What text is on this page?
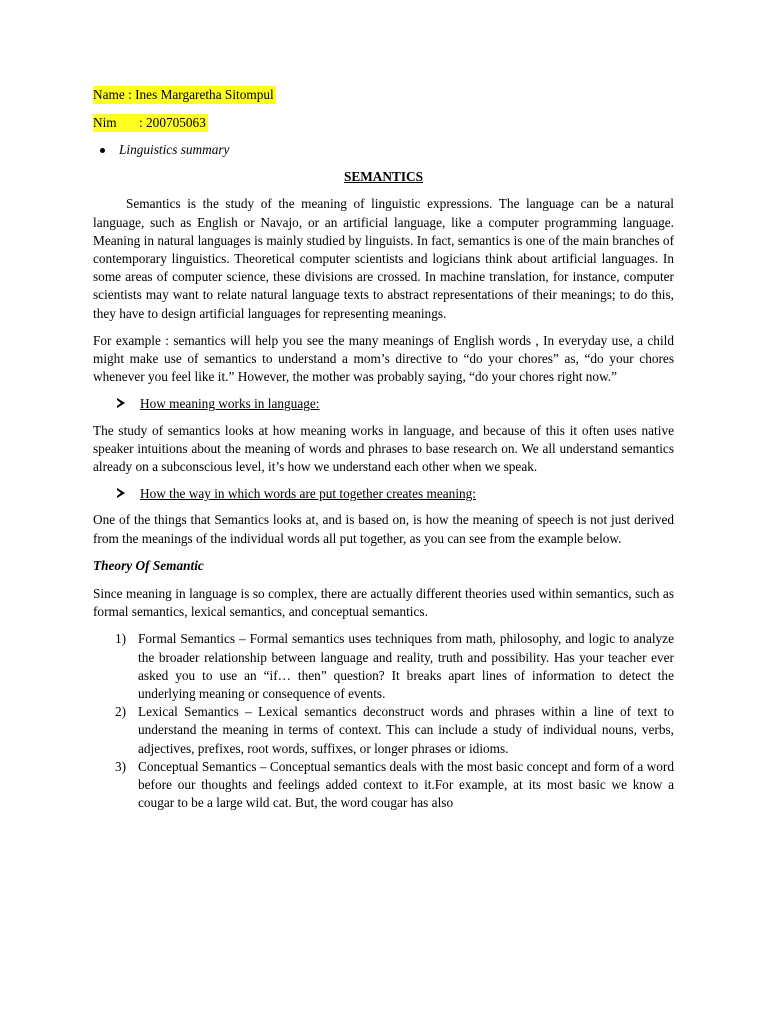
Name : Ines Margaretha Sitompul
Nim : 200705063
Linguistics summary
SEMANTICS

Semantics is the study of the meaning of linguistic expressions. The language can be a natural language, such as English or Navajo, or an artificial language, like a computer programming language. Meaning in natural languages is mainly studied by linguists. In fact, semantics is one of the main branches of contemporary linguistics. Theoretical computer scientists and logicians think about artificial languages. In some areas of computer science, these divisions are crossed. In machine translation, for instance, computer scientists may want to relate natural language texts to abstract representations of their meanings; to do this, they have to design artificial languages for representing meanings.

For example : semantics will help you see the many meanings of English words , In everyday use, a child might make use of semantics to understand a mom’s directive to “do your chores” as, “do your chores whenever you feel like it.” However, the mother was probably saying, “do your chores right now.”

How meaning works in language:

The study of semantics looks at how meaning works in language, and because of this it often uses native speaker intuitions about the meaning of words and phrases to base research on. We all understand semantics already on a subconscious level, it’s how we understand each other when we speak.

How the way in which words are put together creates meaning:

One of the things that Semantics looks at, and is based on, is how the meaning of speech is not just derived from the meanings of the individual words all put together, as you can see from the example below.

Theory Of Semantic

Since meaning in language is so complex, there are actually different theories used within semantics, such as formal semantics, lexical semantics, and conceptual semantics.

1) Formal Semantics – Formal semantics uses techniques from math, philosophy, and logic to analyze the broader relationship between language and reality, truth and possibility. Has your teacher ever asked you to use an “if… then” question? It breaks apart lines of information to detect the underlying meaning or consequence of events.
2) Lexical Semantics – Lexical semantics deconstruct words and phrases within a line of text to understand the meaning in terms of context. This can include a study of individual nouns, verbs, adjectives, prefixes, root words, suffixes, or longer phrases or idioms.
3) Conceptual Semantics – Conceptual semantics deals with the most basic concept and form of a word before our thoughts and feelings added context to it.For example, at its most basic we know a cougar to be a large wild cat. But, the word cougar has also
